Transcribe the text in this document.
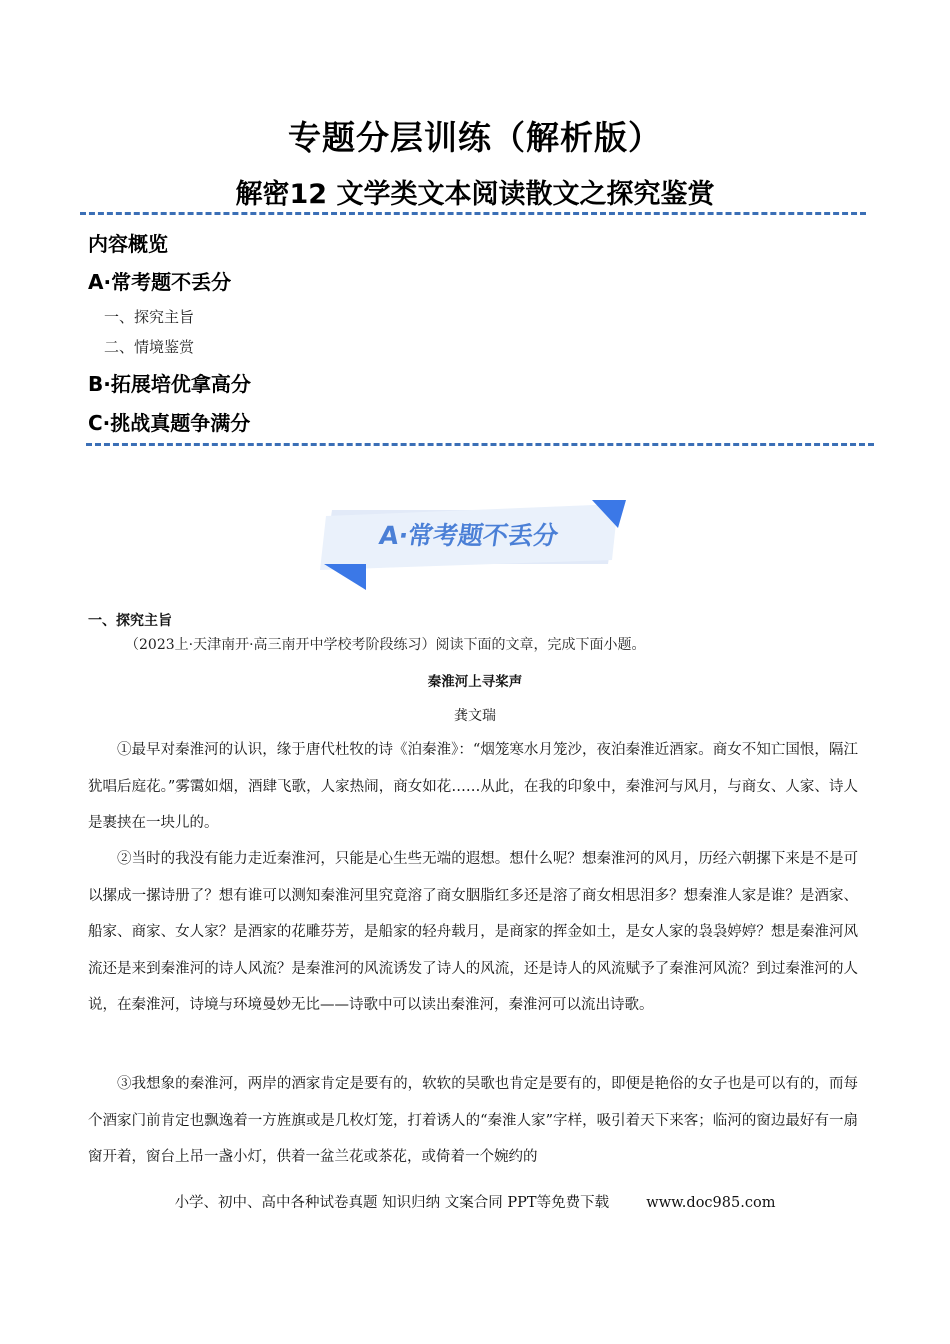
专题分层训练（解析版）
解密12 文学类文本阅读散文之探究鉴赏
内容概览
A·常考题不丢分
一、探究主旨
二、情境鉴赏
B·拓展培优拿高分
C·挑战真题争满分
A·常考题不丢分
一、探究主旨
（2023上·天津南开·高三南开中学校考阶段练习）阅读下面的文章，完成下面小题。
秦淮河上寻桨声
龚文瑞

①最早对秦淮河的认识，缘于唐代杜牧的诗《泊秦淮》：“烟笼寒水月笼沙，夜泊秦淮近酒家。商女不知亡国恨，隔江犹唱后庭花。”雾霭如烟，酒肆飞歌，人家热闹，商女如花……从此，在我的印象中，秦淮河与风月，与商女、人家、诗人是裹挟在一块儿的。

②当时的我没有能力走近秦淮河，只能是心生些无端的遐想。想什么呢？想秦淮河的风月，历经六朝摞下来是不是可以摞成一摞诗册了？想有谁可以测知秦淮河里究竟溶了商女胭脂红多还是溶了商女相思泪多？想秦淮人家是谁？是酒家、船家、商家、女人家？是酒家的花雕芬芳，是船家的轻舟载月，是商家的挥金如土，是女人家的袅袅婷婷？想是秦淮河风流还是来到秦淮河的诗人风流？是秦淮河的风流诱发了诗人的风流，还是诗人的风流赋予了秦淮河风流？到过秦淮河的人说，在秦淮河，诗境与环境曼妙无比——诗歌中可以读出秦淮河，秦淮河可以流出诗歌。

③我想象的秦淮河，两岸的酒家肯定是要有的，软软的吴歌也肯定是要有的，即便是艳俗的女子也是可以有的，而每个酒家门前肯定也飘逸着一方旌旗或是几枚灯笼，打着诱人的“秦淮人家”字样，吸引着天下来客；临河的窗边最好有一扇窗开着，窗台上吊一盏小灯，供着一盆兰花或茶花，或倚着一个婉约的

小学、初中、高中各种试卷真题 知识归纳 文案合同 PPT等免费下载	www.doc985.com
